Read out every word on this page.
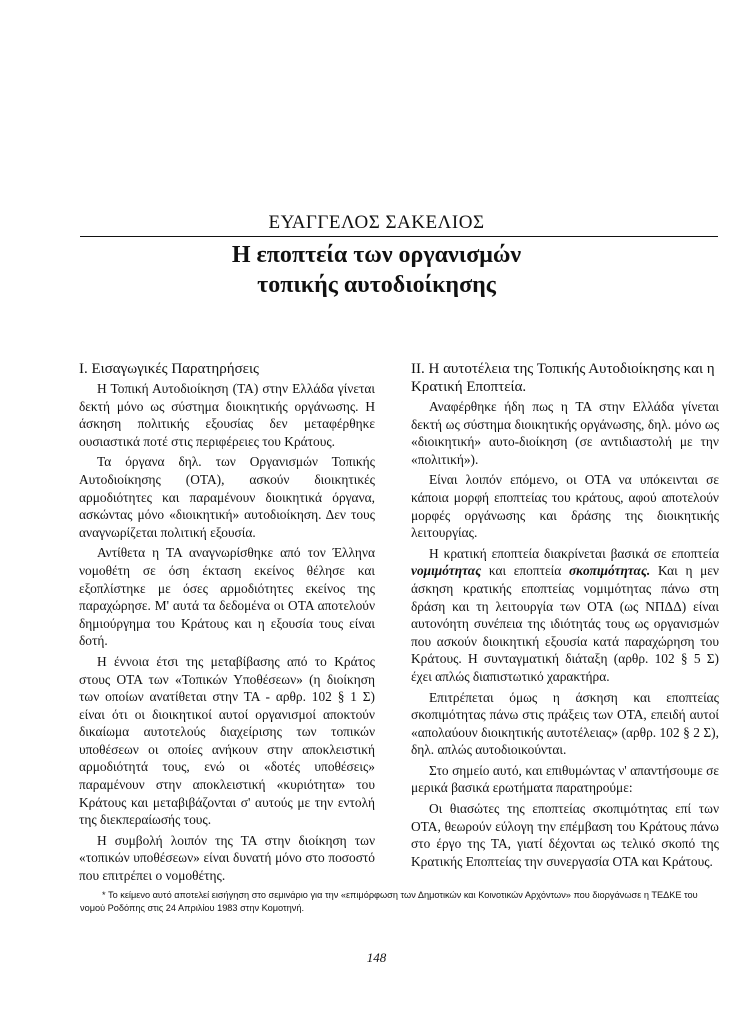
ΕΥΑΓΓΕΛΟΣ ΣΑΚΕΛΙΟΣ
Η εποπτεία των οργανισμών
τοπικής αυτοδιοίκησης
Ι. Εισαγωγικές Παρατηρήσεις

Η Τοπική Αυτοδιοίκηση (ΤΑ) στην Ελλάδα γίνεται δεκτή μόνο ως σύστημα διοικητικής οργάνωσης. Η άσκηση πολιτικής εξουσίας δεν μεταφέρθηκε ουσιαστικά ποτέ στις περιφέρειες του Κράτους.

Τα όργανα δηλ. των Οργανισμών Τοπικής Αυτοδιοίκησης (ΟΤΑ), ασκούν διοικητικές αρμοδιότητες και παραμένουν διοικητικά όργανα, ασκώντας μόνο «διοικητική» αυτοδιοίκηση. Δεν τους αναγνωρίζεται πολιτική εξουσία.

Αντίθετα η ΤΑ αναγνωρίσθηκε από τον Έλληνα νομοθέτη σε όση έκταση εκείνος θέλησε και εξοπλίστηκε με όσες αρμοδιότητες εκείνος της παραχώρησε. Μ' αυτά τα δεδομένα οι ΟΤΑ αποτελούν δημιούργημα του Κράτους και η εξουσία τους είναι δοτή.

Η έννοια έτσι της μεταβίβασης από το Κράτος στους ΟΤΑ των «Τοπικών Υποθέσεων» (η διοίκηση των οποίων ανατίθεται στην ΤΑ - αρθρ. 102 § 1 Σ) είναι ότι οι διοικητικοί αυτοί οργανισμοί αποκτούν δικαίωμα αυτοτελούς διαχείρισης των τοπικών υποθέσεων οι οποίες ανήκουν στην αποκλειστική αρμοδιότητά τους, ενώ οι «δοτές υποθέσεις» παραμένουν στην αποκλειστική «κυριότητα» του Κράτους και μεταβιβάζονται σ' αυτούς με την εντολή της διεκπεραίωσής τους.

Η συμβολή λοιπόν της ΤΑ στην διοίκηση των «τοπικών υποθέσεων» είναι δυνατή μόνο στο ποσοστό που επιτρέπει ο νομοθέτης.

ΙΙ. Η αυτοτέλεια της Τοπικής Αυτοδιοίκησης και η Κρατική Εποπτεία.

Αναφέρθηκε ήδη πως η ΤΑ στην Ελλάδα γίνεται δεκτή ως σύστημα διοικητικής οργάνωσης, δηλ. μόνο ως «διοικητική» αυτο-διοίκηση (σε αντιδιαστολή με την «πολιτική»).

Είναι λοιπόν επόμενο, οι ΟΤΑ να υπόκεινται σε κάποια μορφή εποπτείας του κράτους, αφού αποτελούν μορφές οργάνωσης και δράσης της διοικητικής λειτουργίας.

Η κρατική εποπτεία διακρίνεται βασικά σε εποπτεία νομιμότητας και εποπτεία σκοπιμότητας. Και η μεν άσκηση κρατικής εποπτείας νομιμότητας πάνω στη δράση και τη λειτουργία των ΟΤΑ (ως ΝΠΔΔ) είναι αυτονόητη συνέπεια της ιδιότητάς τους ως οργανισμών που ασκούν διοικητική εξουσία κατά παραχώρηση του Κράτους. Η συνταγματική διάταξη (αρθρ. 102 § 5 Σ) έχει απλώς διαπιστωτικό χαρακτήρα.

Επιτρέπεται όμως η άσκηση και εποπτείας σκοπιμότητας πάνω στις πράξεις των ΟΤΑ, επειδή αυτοί «απολαύουν διοικητικής αυτοτέλειας» (αρθρ. 102 § 2 Σ), δηλ. απλώς αυτοδιοικούνται.

Στο σημείο αυτό, και επιθυμώντας ν' απαντήσουμε σε μερικά βασικά ερωτήματα παρατηρούμε:

Οι θιασώτες της εποπτείας σκοπιμότητας επί των ΟΤΑ, θεωρούν εύλογη την επέμβαση του Κράτους πάνω στο έργο της ΤΑ, γιατί δέχονται ως τελικό σκοπό της Κρατικής Εποπτείας την συνεργασία ΟΤΑ και Κράτους.

* Το κείμενο αυτό αποτελεί εισήγηση στο σεμινάριο για την «επιμόρφωση των Δημοτικών και Κοινοτικών Αρχόντων» που διοργάνωσε η ΤΕΔΚΕ του νομού Ροδόπης στις 24 Απριλίου 1983 στην Κομοτηνή.

148
